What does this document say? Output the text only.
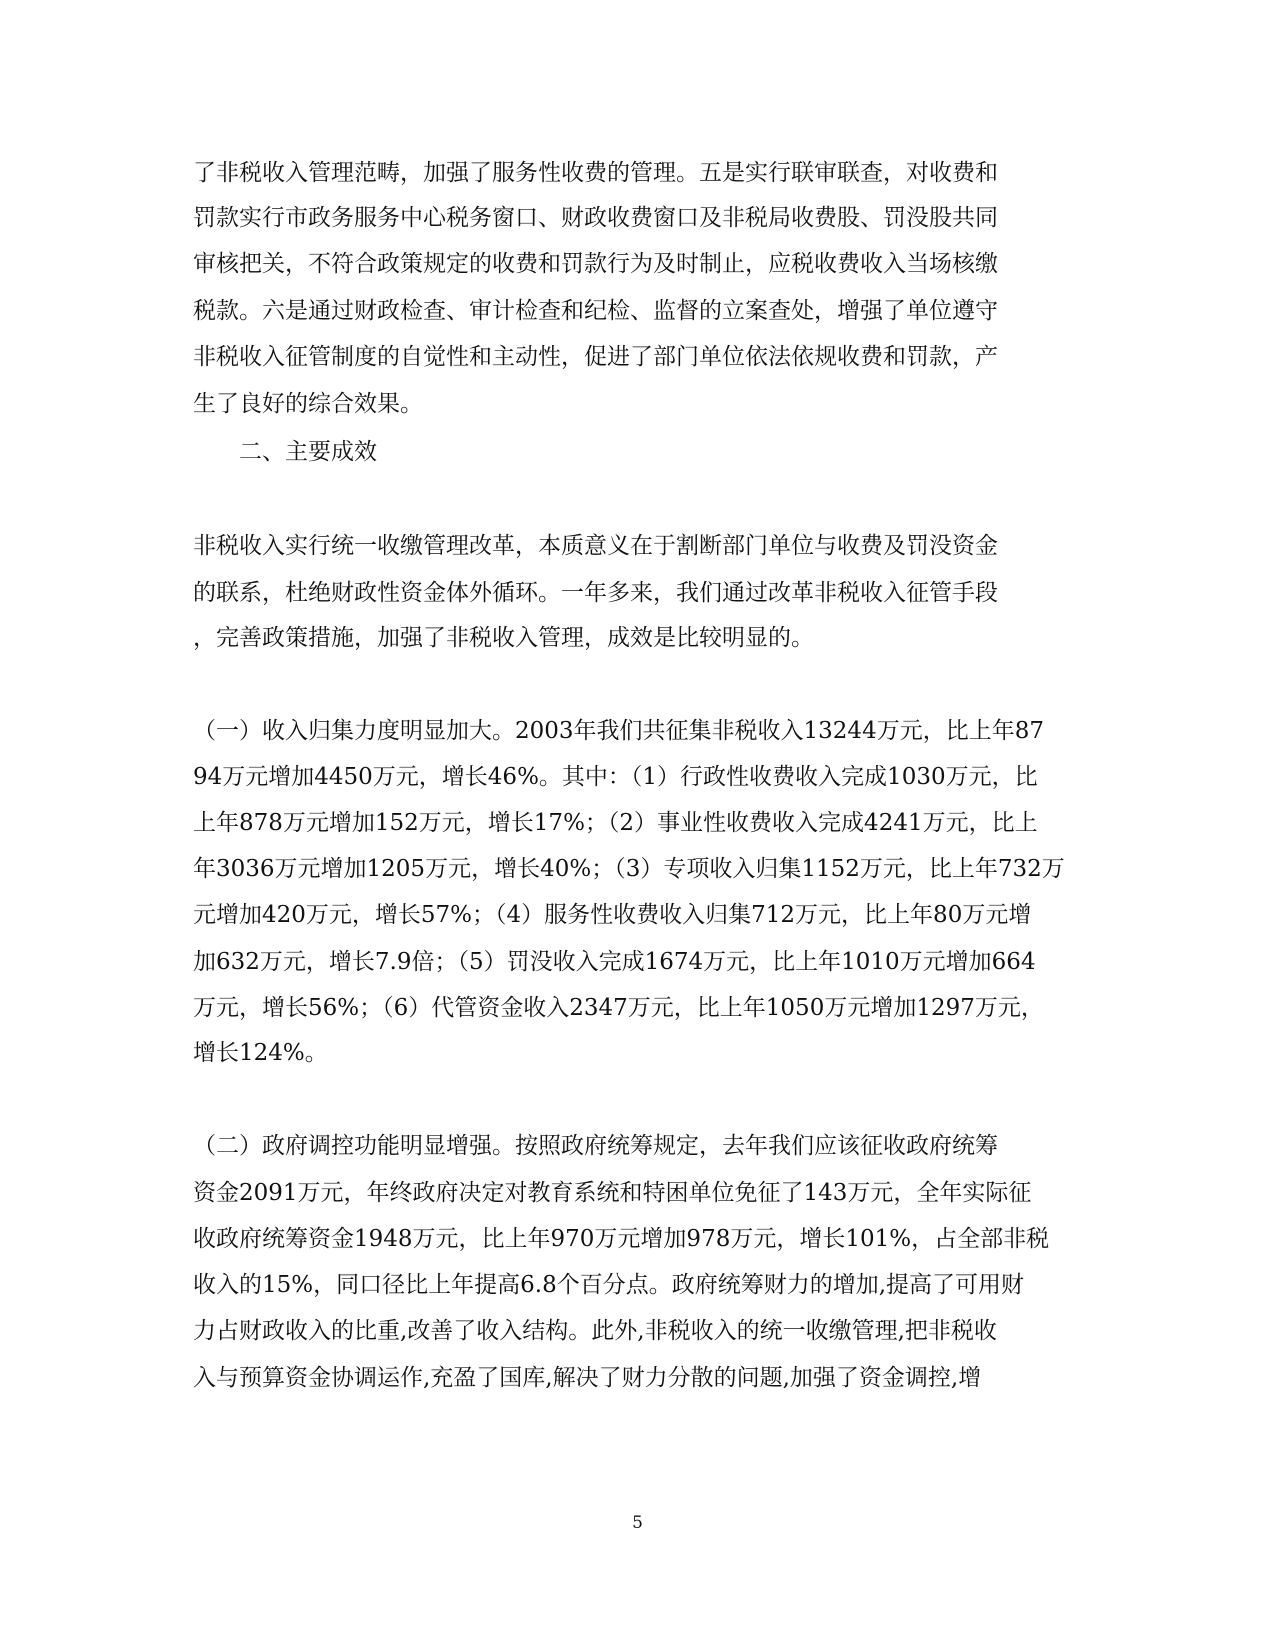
了非税收入管理范畴，加强了服务性收费的管理。五是实行联审联查，对收费和
罚款实行市政务服务中心税务窗口、财政收费窗口及非税局收费股、罚没股共同
审核把关，不符合政策规定的收费和罚款行为及时制止，应税收费收入当场核缴
税款。六是通过财政检查、审计检查和纪检、监督的立案查处，增强了单位遵守
非税收入征管制度的自觉性和主动性，促进了部门单位依法依规收费和罚款，产
生了良好的综合效果。
　　二、主要成效
非税收入实行统一收缴管理改革，本质意义在于割断部门单位与收费及罚没资金
的联系，杜绝财政性资金体外循环。一年多来，我们通过改革非税收入征管手段
，完善政策措施，加强了非税收入管理，成效是比较明显的。
（一）收入归集力度明显加大。2003年我们共征集非税收入13244万元，比上年87
94万元增加4450万元，增长46%。其中：（1）行政性收费收入完成1030万元，比
上年878万元增加152万元，增长17%；（2）事业性收费收入完成4241万元，比上
年3036万元增加1205万元，增长40%；（3）专项收入归集1152万元，比上年732万
元增加420万元，增长57%；（4）服务性收费收入归集712万元，比上年80万元增
加632万元，增长7.9倍；（5）罚没收入完成1674万元，比上年1010万元增加664
万元，增长56%；（6）代管资金收入2347万元，比上年1050万元增加1297万元，
增长124%。
（二）政府调控功能明显增强。按照政府统筹规定，去年我们应该征收政府统筹
资金2091万元，年终政府决定对教育系统和特困单位免征了143万元，全年实际征
收政府统筹资金1948万元，比上年970万元增加978万元，增长101%，占全部非税
收入的15%，同口径比上年提高6.8个百分点。政府统筹财力的增加,提高了可用财
力占财政收入的比重,改善了收入结构。此外,非税收入的统一收缴管理,把非税收
入与预算资金协调运作,充盈了国库,解决了财力分散的问题,加强了资金调控,增
5
